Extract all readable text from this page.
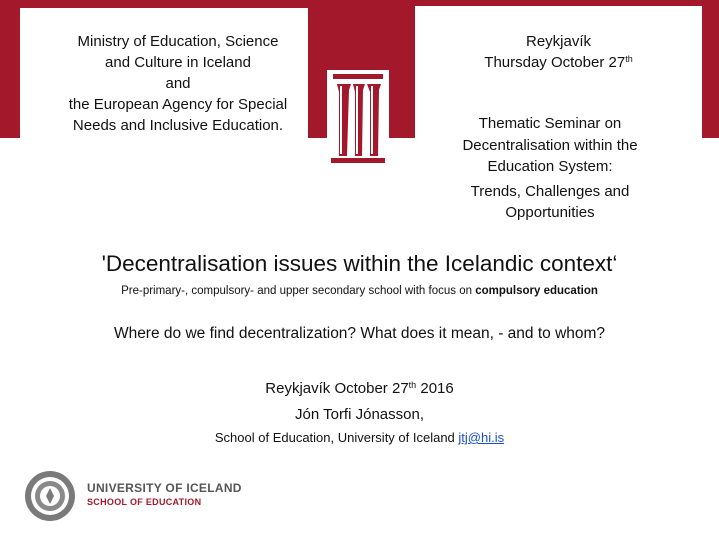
Ministry of Education, Science
and Culture in Iceland
and
the European Agency for Special
Needs and Inclusive Education.
Reykjavík
Thursday October 27th
Thematic Seminar on
Decentralisation within the
Education System:
Trends, Challenges and
Opportunities
'Decentralisation issues within the Icelandic context‘
Pre-primary-, compulsory- and upper secondary school with focus on compulsory education
Where do we find decentralization? What does it mean, - and to whom?
Reykjavík October 27th 2016
Jón Torfi Jónasson,
School of Education, University of Iceland jtj@hi.is
UNIVERSITY OF ICELAND
SCHOOL OF EDUCATION
